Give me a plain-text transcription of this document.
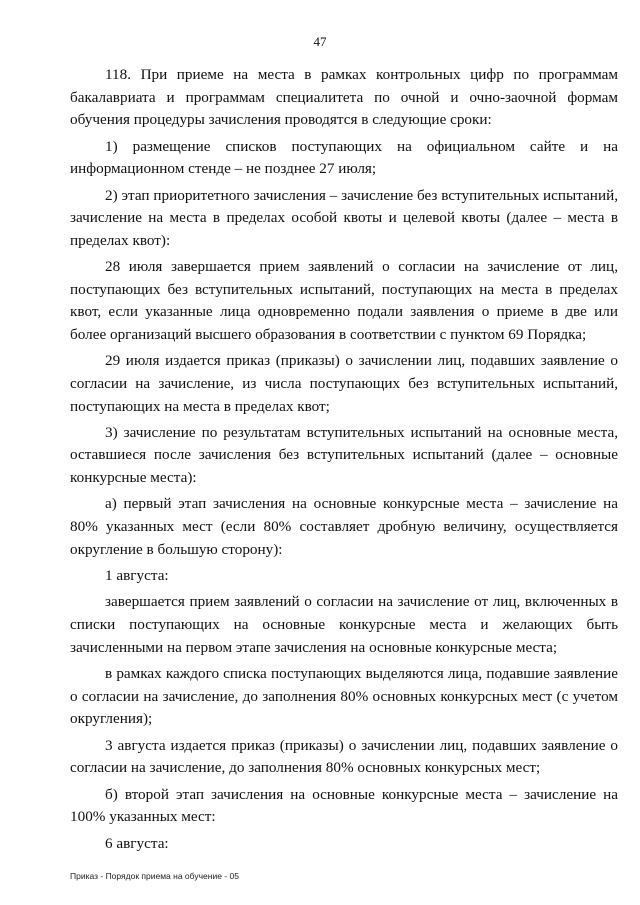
47

118. При приеме на места в рамках контрольных цифр по программам бакалавриата и программам специалитета по очной и очно-заочной формам обучения процедуры зачисления проводятся в следующие сроки:

1) размещение списков поступающих на официальном сайте и на информационном стенде – не позднее 27 июля;

2) этап приоритетного зачисления – зачисление без вступительных испытаний, зачисление на места в пределах особой квоты и целевой квоты (далее – места в пределах квот):

28 июля завершается прием заявлений о согласии на зачисление от лиц, поступающих без вступительных испытаний, поступающих на места в пределах квот, если указанные лица одновременно подали заявления о приеме в две или более организаций высшего образования в соответствии с пунктом 69 Порядка;

29 июля издается приказ (приказы) о зачислении лиц, подавших заявление о согласии на зачисление, из числа поступающих без вступительных испытаний, поступающих на места в пределах квот;

3) зачисление по результатам вступительных испытаний на основные места, оставшиеся после зачисления без вступительных испытаний (далее – основные конкурсные места):

а) первый этап зачисления на основные конкурсные места – зачисление на 80% указанных мест (если 80% составляет дробную величину, осуществляется округление в большую сторону):

1 августа:

завершается прием заявлений о согласии на зачисление от лиц, включенных в списки поступающих на основные конкурсные места и желающих быть зачисленными на первом этапе зачисления на основные конкурсные места;

в рамках каждого списка поступающих выделяются лица, подавшие заявление о согласии на зачисление, до заполнения 80% основных конкурсных мест (с учетом округления);

3 августа издается приказ (приказы) о зачислении лиц, подавших заявление о согласии на зачисление, до заполнения 80% основных конкурсных мест;

б) второй этап зачисления на основные конкурсные места – зачисление на 100% указанных мест:

6 августа:

Приказ - Порядок приема на обучение - 05
